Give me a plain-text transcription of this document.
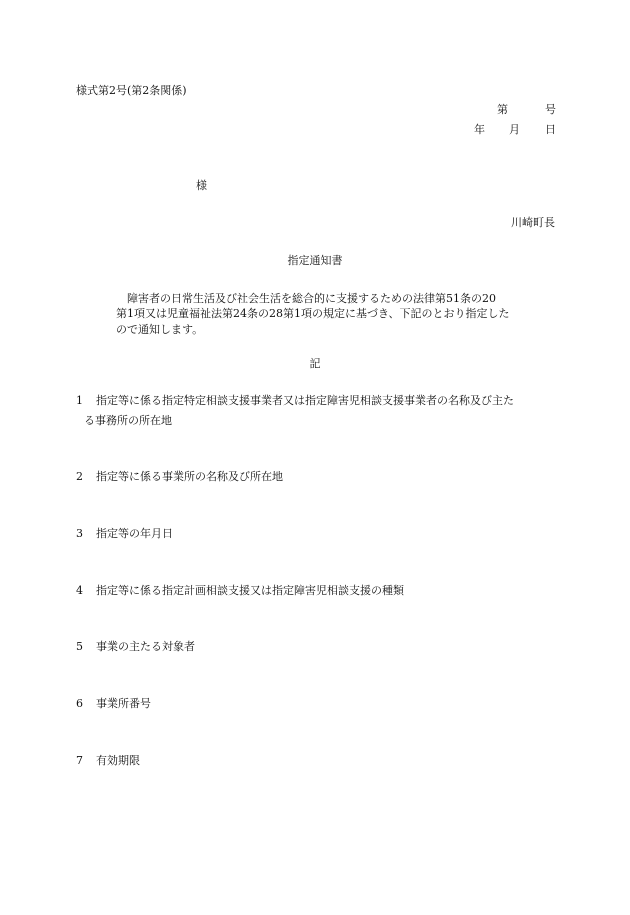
様式第2号(第2条関係)
第	号
年 月 日
様
川崎町長
指定通知書
障害者の日常生活及び社会生活を総合的に支援するための法律第51条の20
第1項又は児童福祉法第24条の28第1項の規定に基づき、下記のとおり指定した
ので通知します。
記
1 指定等に係る指定特定相談支援事業者又は指定障害児相談支援事業者の名称及び主た
る事務所の所在地
2 指定等に係る事業所の名称及び所在地
3 指定等の年月日
4 指定等に係る指定計画相談支援又は指定障害児相談支援の種類
5 事業の主たる対象者
6 事業所番号
7 有効期限
